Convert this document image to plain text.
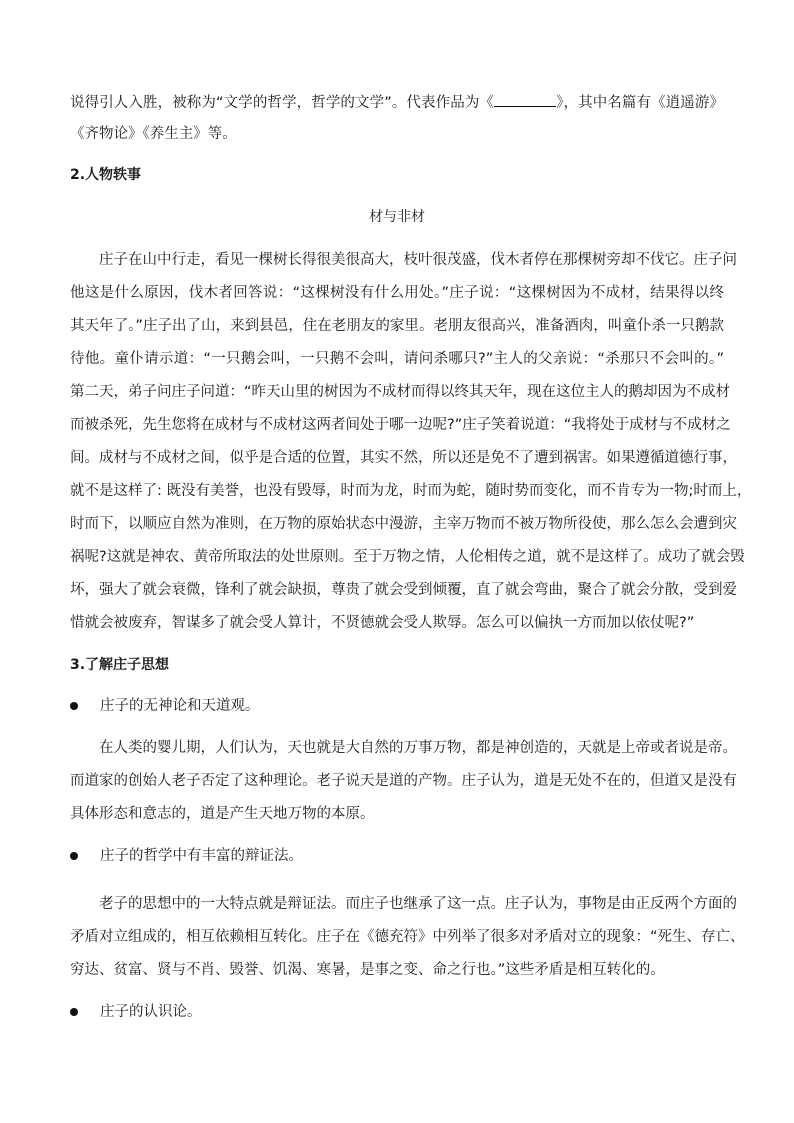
说得引人入胜，被称为“文学的哲学，哲学的文学”。代表作品为《	》，其中名篇有《逍遥游》
《齐物论》《养生主》等。
2.人物轶事
材与非材
庄子在山中行走，看见一棵树长得很美很高大，枝叶很茂盛，伐木者停在那棵树旁却不伐它。庄子问
他这是什么原因，伐木者回答说：“这棵树没有什么用处。”庄子说：“这棵树因为不成材，结果得以终
其天年了。”庄子出了山，来到县邑，住在老朋友的家里。老朋友很高兴，准备酒肉，叫童仆杀一只鹅款
待他。童仆请示道：“一只鹅会叫，一只鹅不会叫，请问杀哪只?”主人的父亲说：“杀那只不会叫的。”
第二天，弟子问庄子问道：“昨天山里的树因为不成材而得以终其天年，现在这位主人的鹅却因为不成材
而被杀死，先生您将在成材与不成材这两者间处于哪一边呢?”庄子笑着说道：“我将处于成材与不成材之
间。成材与不成材之间，似乎是合适的位置，其实不然，所以还是免不了遭到祸害。如果遵循道德行事，
就不是这样了: 既没有美誉，也没有毁辱，时而为龙，时而为蛇，随时势而变化，而不肯专为一物;时而上，
时而下，以顺应自然为准则，在万物的原始状态中漫游，主宰万物而不被万物所役使，那么怎么会遭到灾
祸呢?这就是神农、黄帝所取法的处世原则。至于万物之情，人伦相传之道，就不是这样了。成功了就会毁
坏，强大了就会衰微，锋利了就会缺损，尊贵了就会受到倾覆，直了就会弯曲，聚合了就会分散，受到爱
惜就会被废弃，智谋多了就会受人算计，不贤德就会受人欺辱。怎么可以偏执一方而加以依仗呢?”
3.了解庄子思想
庄子的无神论和天道观。
在人类的婴儿期，人们认为，天也就是大自然的万事万物，都是神创造的，天就是上帝或者说是帝。
而道家的创始人老子否定了这种理论。老子说天是道的产物。庄子认为，道是无处不在的，但道又是没有
具体形态和意志的，道是产生天地万物的本原。
庄子的哲学中有丰富的辩证法。
老子的思想中的一大特点就是辩证法。而庄子也继承了这一点。庄子认为，事物是由正反两个方面的
矛盾对立组成的，相互依赖相互转化。庄子在《德充符》中列举了很多对矛盾对立的现象：“死生、存亡、
穷达、贫富、贤与不肖、毁誉、饥渴、寒暑，是事之变、命之行也。”这些矛盾是相互转化的。
庄子的认识论。
